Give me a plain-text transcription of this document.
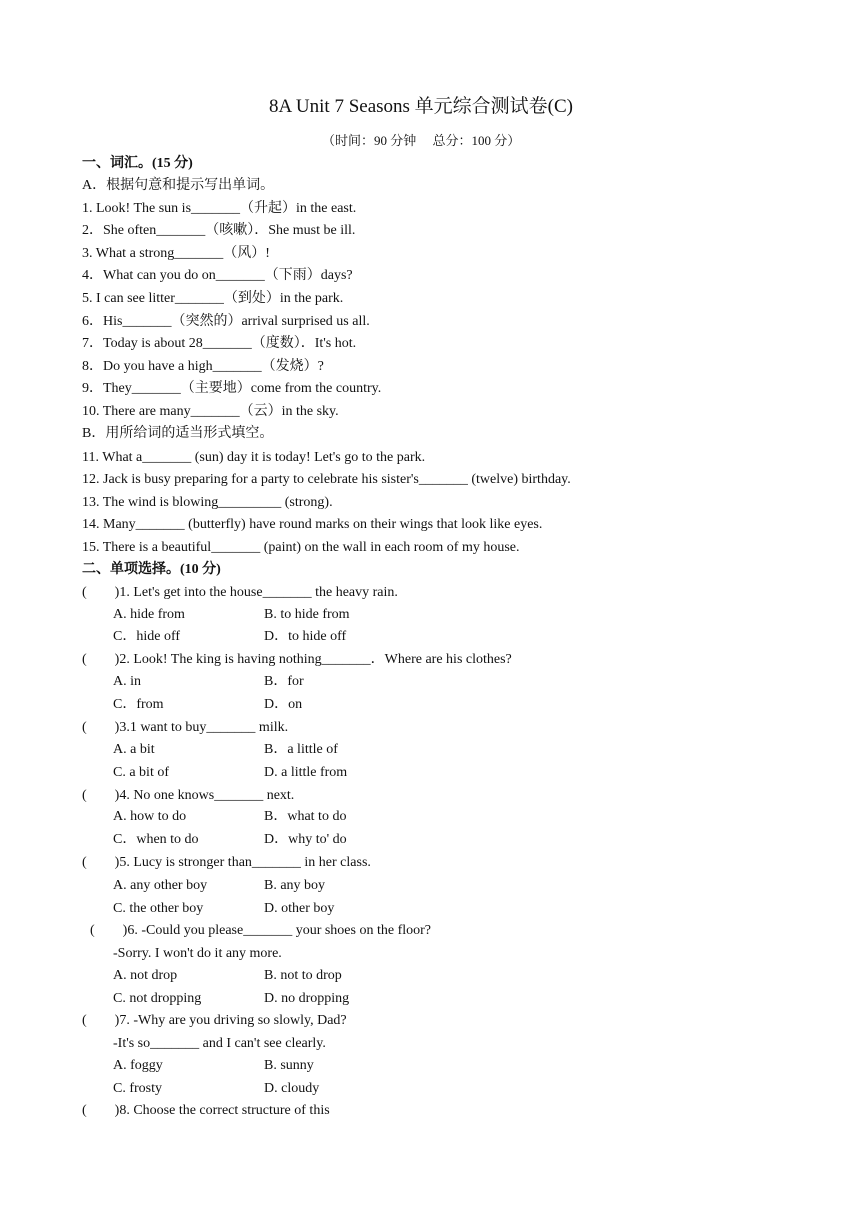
8A Unit 7 Seasons 单元综合测试卷(C)
（时间：90 分钟　 总分：100 分）
一、词汇。(15 分)
A．根据句意和提示写出单词。
1. Look! The sun is_______（升起）in the east.
2．She often_______（咳嗽）．She must be ill.
3. What a strong_______（风）!
4．What can you do on_______（下雨）days?
5. I can see litter_______（到处）in the park.
6．His_______（突然的）arrival surprised us all.
7．Today is about 28_______（度数）．It's hot.
8．Do you have a high_______（发烧）?
9．They_______（主要地）come from the country.
10. There are many_______（云）in the sky.
B．用所给词的适当形式填空。
11. What a_______ (sun) day it is today! Let's go to the park.
12. Jack is busy preparing for a party to celebrate his sister's_______ (twelve) birthday.
13. The wind is blowing_________ (strong).
14. Many_______ (butterfly) have round marks on their wings that look like eyes.
15. There is a beautiful_______ (paint) on the wall in each room of my house.
二、单项选择。(10 分)
(　　)1. Let's get into the house_______ the heavy rain.
A. hide from	B. to hide from
C．hide off	D．to hide off
(　　)2. Look! The king is having nothing_______．Where are his clothes?
A. in	B．for
C．from	D．on
(　　)3.1 want to buy_______ milk.
A. a bit	B．a little of
C. a bit of	D. a little from
(　　)4. No one knows_______ next.
A. how to do	B．what to do
C．when to do	D．why to' do
(　　)5. Lucy is stronger than_______ in her class.
A. any other boy	B. any boy
C. the other boy	D. other boy
(　　)6. -Could you please_______ your shoes on the floor?
-Sorry. I won't do it any more.
A. not drop	B. not to drop
C. not dropping	D. no dropping
(　　)7. -Why are you driving so slowly, Dad?
-It's so_______ and I can't see clearly.
A. foggy	B. sunny
C. frosty	D. cloudy
(　　)8. Choose the correct structure of this
